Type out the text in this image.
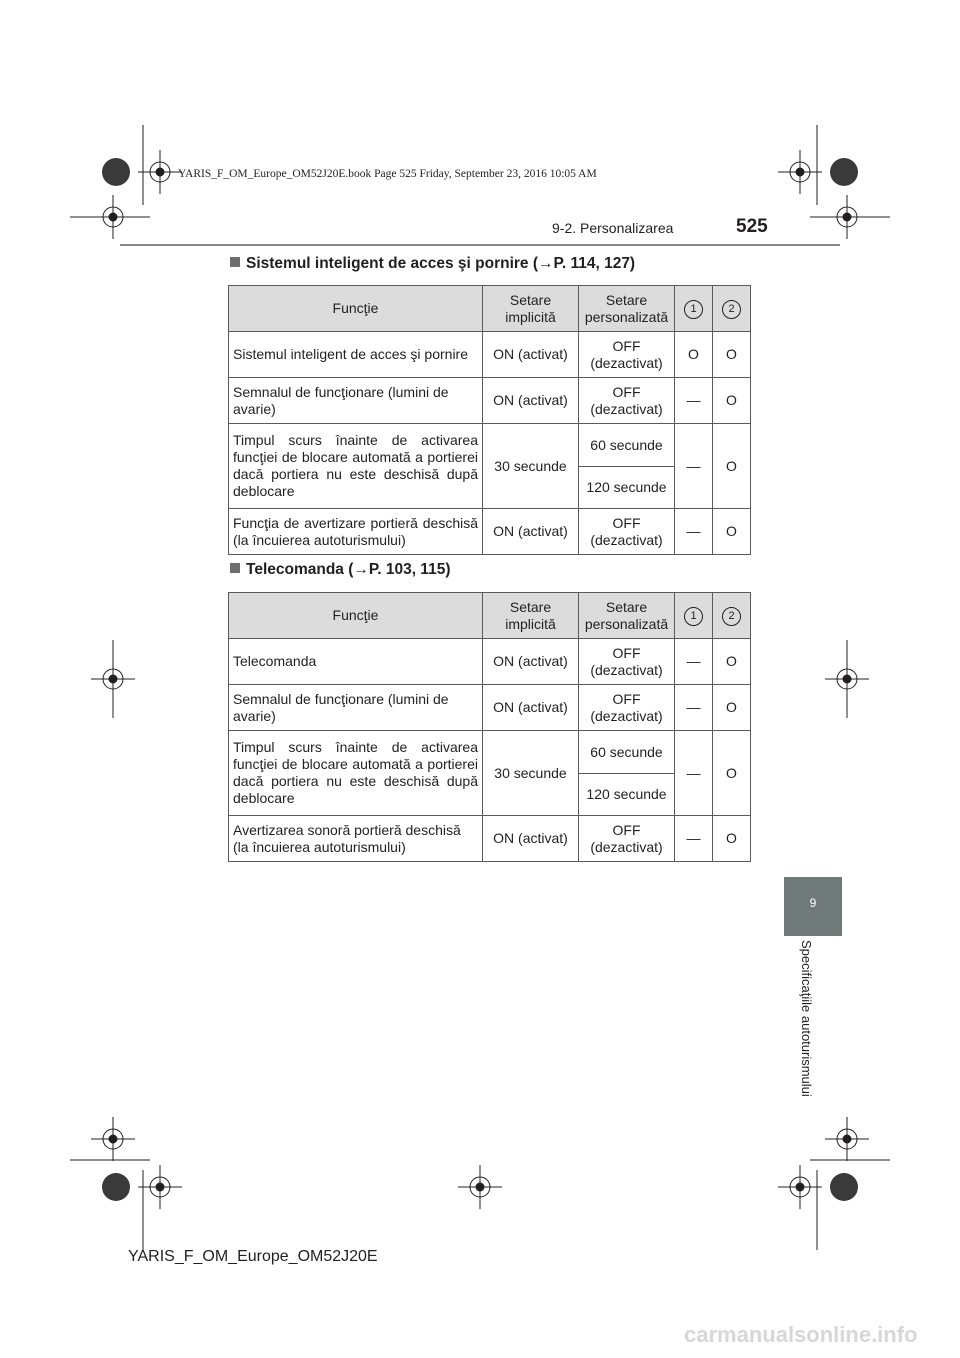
YARIS_F_OM_Europe_OM52J20E.book Page 525 Friday, September 23, 2016 10:05 AM
9-2. Personalizarea	525
Sistemul inteligent de acces şi pornire (→P. 114, 127)
Funcţie	Setare implicită	Setare personalizată	1	2
Sistemul inteligent de acces şi pornire	ON (activat)	OFF (dezactivat)	O	O
Semnalul de funcţionare (lumini de avarie)	ON (activat)	OFF (dezactivat)	—	O
Timpul scurs înainte de activarea funcţiei de blocare automată a portierei dacă portiera nu este deschisă după deblocare	30 secunde	60 secunde	—	O
		120 secunde		
Funcţia de avertizare portieră deschisă (la încuierea autoturismului)	ON (activat)	OFF (dezactivat)	—	O
Telecomanda (→P. 103, 115)
Funcţie	Setare implicită	Setare personalizată	1	2
Telecomanda	ON (activat)	OFF (dezactivat)	—	O
Semnalul de funcţionare (lumini de avarie)	ON (activat)	OFF (dezactivat)	—	O
Timpul scurs înainte de activarea funcţiei de blocare automată a portierei dacă portiera nu este deschisă după deblocare	30 secunde	60 secunde	—	O
		120 secunde		
Avertizarea sonoră portieră deschisă (la încuierea autoturismului)	ON (activat)	OFF (dezactivat)	—	O
9
Specificaţiile autoturismului
YARIS_F_OM_Europe_OM52J20E
carmanualsonline.info
